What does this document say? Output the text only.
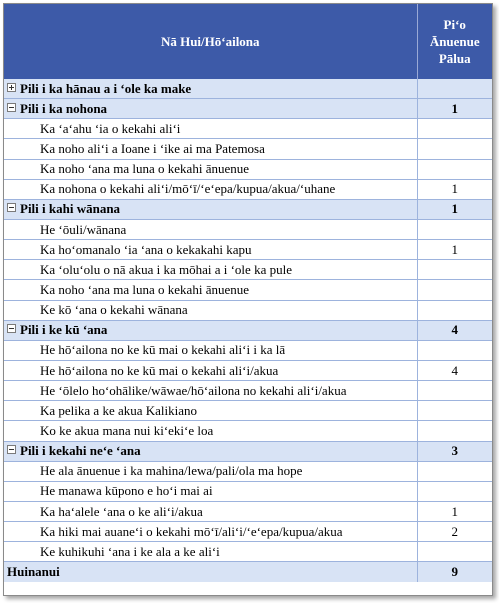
Nā Hui/Hōʻailona	Piʻo
Ānuenue
Pālua

Pili i ka hānau a i ʻole ka make	
Pili i ka nohona	1
Ka ʻaʻahu ʻia o kekahi aliʻi	
Ka noho aliʻi a Ioane i ʻike ai ma Patemosa	
Ka noho ʻana ma luna o kekahi ānuenue	
Ka nohona o kekahi aliʻi/mōʻī/ʻeʻepa/kupua/akua/ʻuhane	1
Pili i kahi wānana	1
He ʻōuli/wānana	
Ka hoʻomanalo ʻia ʻana o kekakahi kapu	1
Ka ʻoluʻolu o nā akua i ka mōhai a i ʻole ka pule	
Ka noho ʻana ma luna o kekahi ānuenue	
Ke kō ʻana o kekahi wānana	
Pili i ke kū ʻana	4
He hōʻailona no ke kū mai o kekahi aliʻi i ka lā	
He hōʻailona no ke kū mai o kekahi aliʻi/akua	4
He ʻōlelo hoʻohālike/wāwae/hōʻailona no kekahi aliʻi/akua	
Ka pelika a ke akua Kalikiano	
Ko ke akua mana nui kiʻekiʻe loa	
Pili i kekahi neʻe ʻana	3
He ala ānuenue i ka mahina/lewa/pali/ola ma hope	
He manawa kūpono e hoʻi mai ai	
Ka haʻalele ʻana o ke aliʻi/akua	1
Ka hiki mai auaneʻi o kekahi mōʻī/aliʻi/ʻeʻepa/kupua/akua	2
Ke kuhikuhi ʻana i ke ala a ke aliʻi	
Huinanui	9
